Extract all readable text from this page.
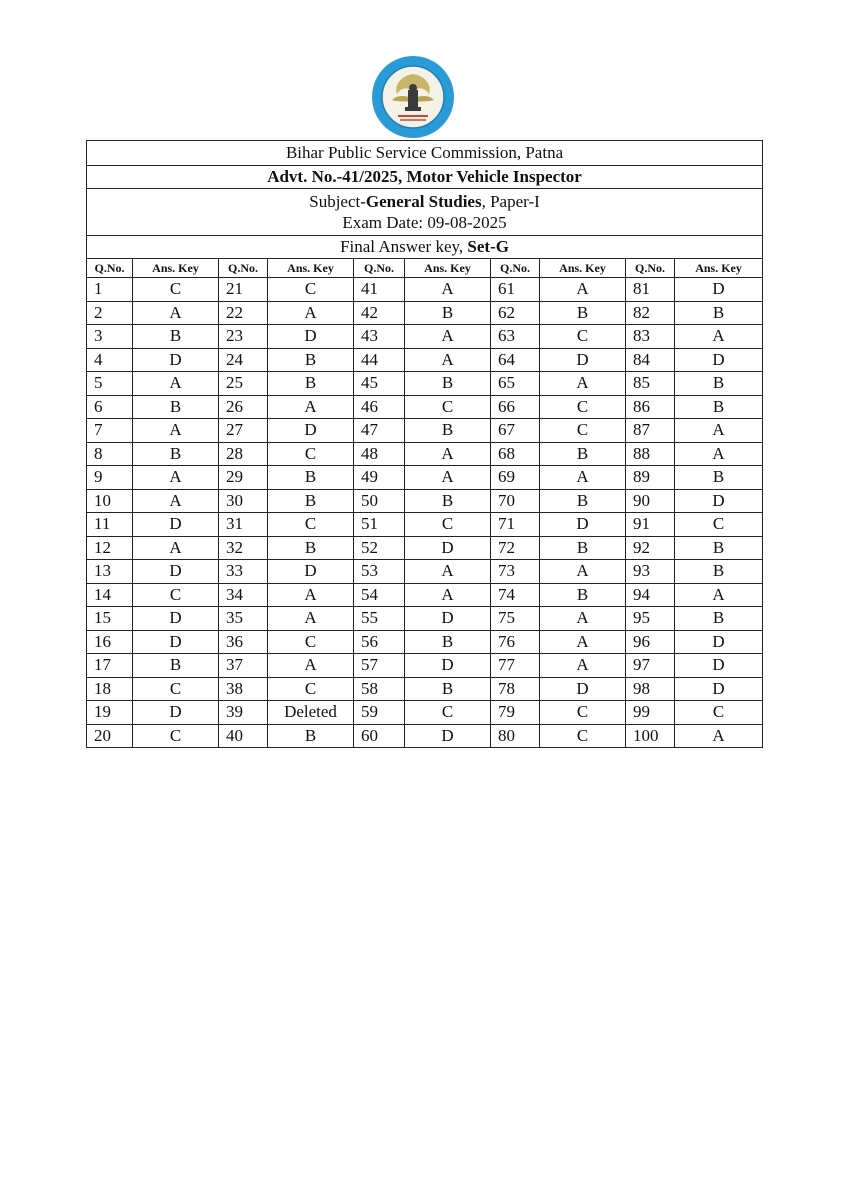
Bihar Public Service Commission, Patna									
Advt. No.-41/2025, Motor Vehicle Inspector									
Subject-General Studies, Paper-I
Exam Date: 09-08-2025									
Final Answer key, Set-G									
Q.No.	Ans. Key	Q.No.	Ans. Key	Q.No.	Ans. Key	Q.No.	Ans. Key	Q.No.	Ans. Key
1	C	21	C	41	A	61	A	81	D
2	A	22	A	42	B	62	B	82	B
3	B	23	D	43	A	63	C	83	A
4	D	24	B	44	A	64	D	84	D
5	A	25	B	45	B	65	A	85	B
6	B	26	A	46	C	66	C	86	B
7	A	27	D	47	B	67	C	87	A
8	B	28	C	48	A	68	B	88	A
9	A	29	B	49	A	69	A	89	B
10	A	30	B	50	B	70	B	90	D
11	D	31	C	51	C	71	D	91	C
12	A	32	B	52	D	72	B	92	B
13	D	33	D	53	A	73	A	93	B
14	C	34	A	54	A	74	B	94	A
15	D	35	A	55	D	75	A	95	B
16	D	36	C	56	B	76	A	96	D
17	B	37	A	57	D	77	A	97	D
18	C	38	C	58	B	78	D	98	D
19	D	39	Deleted	59	C	79	C	99	C
20	C	40	B	60	D	80	C	100	A
